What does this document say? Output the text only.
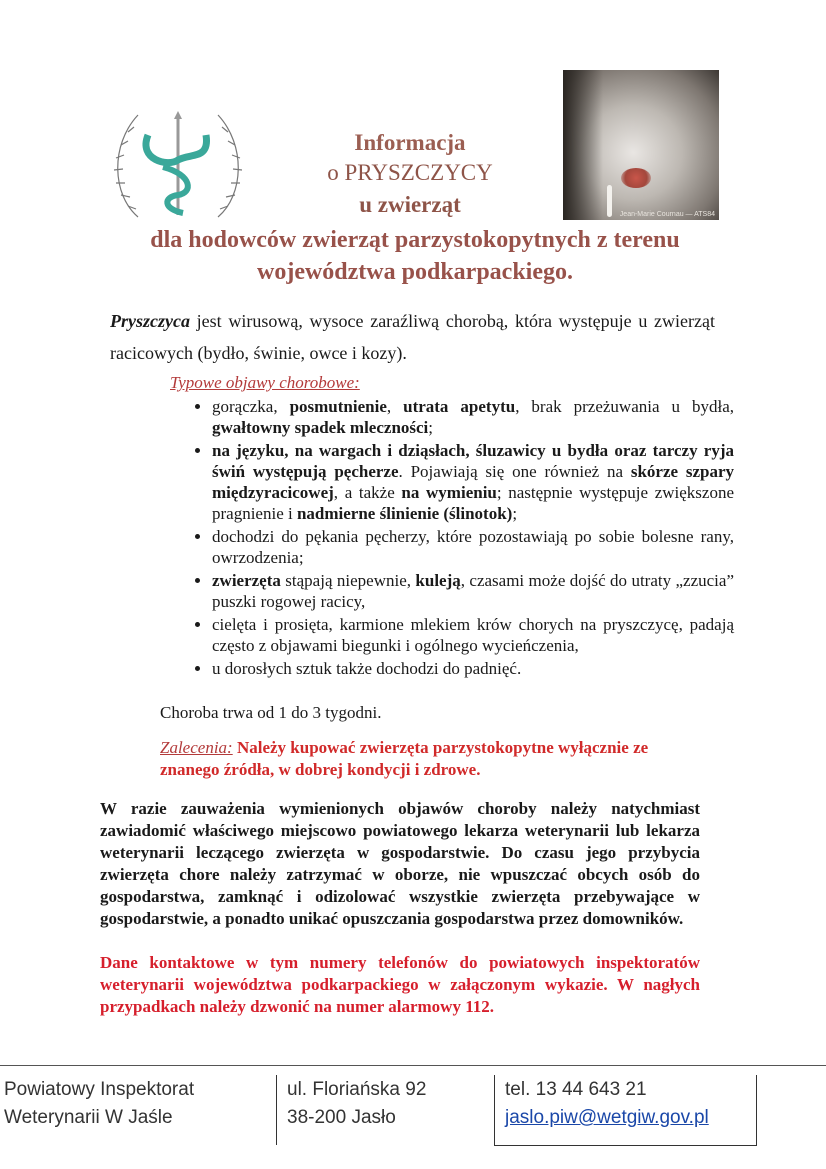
Jean-Marie Cournau — ATS84
Informacja
o PRYSZCZYCY
u zwierząt
dla hodowców zwierząt parzystokopytnych z terenu województwa podkarpackiego.
Pryszczyca jest wirusową, wysoce zaraźliwą chorobą, która występuje u zwierząt racicowych (bydło, świnie, owce i kozy).
Typowe objawy chorobowe:
• gorączka, posmutnienie, utrata apetytu, brak przeżuwania u bydła, gwałtowny spadek mleczności;
• na języku, na wargach i dziąsłach, śluzawicy u bydła oraz tarczy ryja świń występują pęcherze. Pojawiają się one również na skórze szpary międzyracicowej, a także na wymieniu; następnie występuje zwiększone pragnienie i nadmierne ślinienie (ślinotok);
• dochodzi do pękania pęcherzy, które pozostawiają po sobie bolesne rany, owrzodzenia;
• zwierzęta stąpają niepewnie, kuleją, czasami może dojść do utraty „zzucia” puszki rogowej racicy,
• cielęta i prosięta, karmione mlekiem krów chorych na pryszczycę, padają często z objawami biegunki i ogólnego wycieńczenia,
• u dorosłych sztuk także dochodzi do padnięć.
Choroba trwa od 1 do 3 tygodni.
Zalecenia: Należy kupować zwierzęta parzystokopytne wyłącznie ze znanego źródła, w dobrej kondycji i zdrowe.
W razie zauważenia wymienionych objawów choroby należy natychmiast zawiadomić właściwego miejscowo powiatowego lekarza weterynarii lub lekarza weterynarii leczącego zwierzęta w gospodarstwie. Do czasu jego przybycia zwierzęta chore należy zatrzymać w oborze, nie wpuszczać obcych osób do gospodarstwa, zamknąć i odizolować wszystkie zwierzęta przebywające w gospodarstwie, a ponadto unikać opuszczania gospodarstwa przez domowników.
Dane kontaktowe w tym numery telefonów do powiatowych inspektoratów weterynarii województwa podkarpackiego w załączonym wykazie. W nagłych przypadkach należy dzwonić na numer alarmowy 112.
Powiatowy Inspektorat
Weterynarii W Jaśle
ul. Floriańska 92
38-200 Jasło
tel. 13 44 643 21
jaslo.piw@wetgiw.gov.pl
